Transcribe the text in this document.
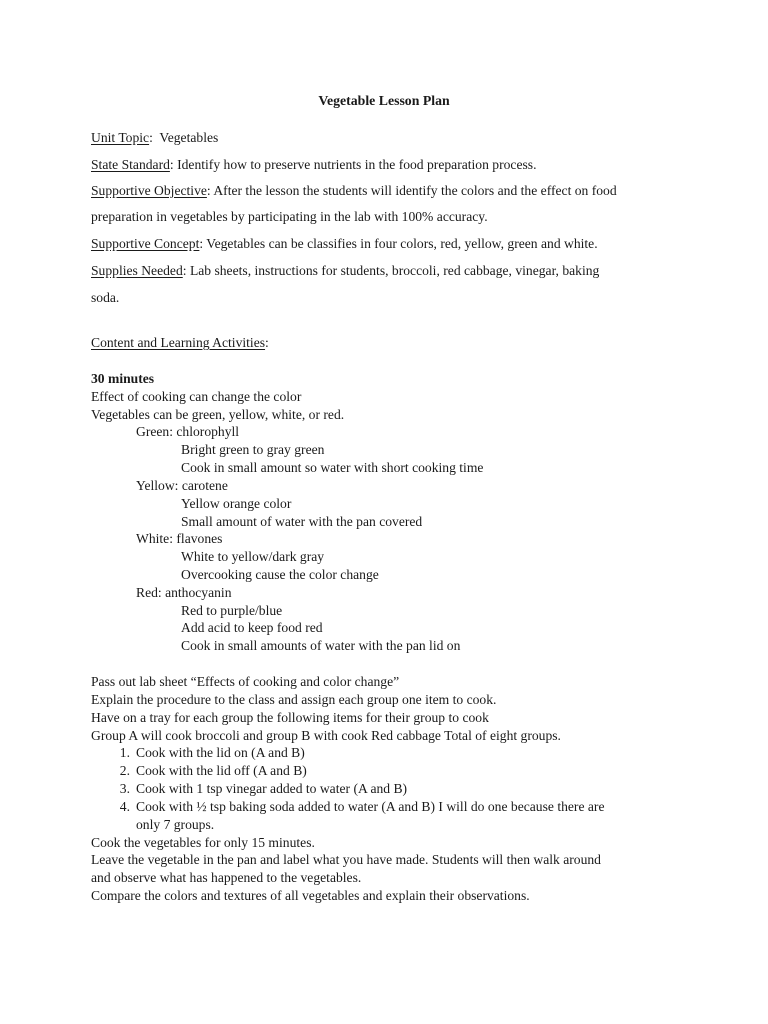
Vegetable Lesson Plan
Unit Topic:  Vegetables
State Standard: Identify how to preserve nutrients in the food preparation process.
Supportive Objective: After the lesson the students will identify the colors and the effect on food
preparation in vegetables by participating in the lab with 100% accuracy.
Supportive Concept: Vegetables can be classifies in four colors, red, yellow, green and white.
Supplies Needed: Lab sheets, instructions for students, broccoli, red cabbage, vinegar, baking
soda.
Content and Learning Activities:
30 minutes
Effect of cooking can change the color
Vegetables can be green, yellow, white, or red.
Green: chlorophyll
Bright green to gray green
Cook in small amount so water with short cooking time
Yellow: carotene
Yellow orange color
Small amount of water with the pan covered
White: flavones
White to yellow/dark gray
Overcooking cause the color change
Red: anthocyanin
Red to purple/blue
Add acid to keep food red
Cook in small amounts of water with the pan lid on
Pass out lab sheet “Effects of cooking and color change”
Explain the procedure to the class and assign each group one item to cook.
Have on a tray for each group the following items for their group to cook
Group A will cook broccoli and group B with cook Red cabbage Total of eight groups.
1. Cook with the lid on (A and B)
2. Cook with the lid off (A and B)
3. Cook with 1 tsp vinegar added to water (A and B)
4. Cook with ½ tsp baking soda added to water (A and B) I will do one because there are
only 7 groups.
Cook the vegetables for only 15 minutes.
Leave the vegetable in the pan and label what you have made. Students will then walk around
and observe what has happened to the vegetables.
Compare the colors and textures of all vegetables and explain their observations.
